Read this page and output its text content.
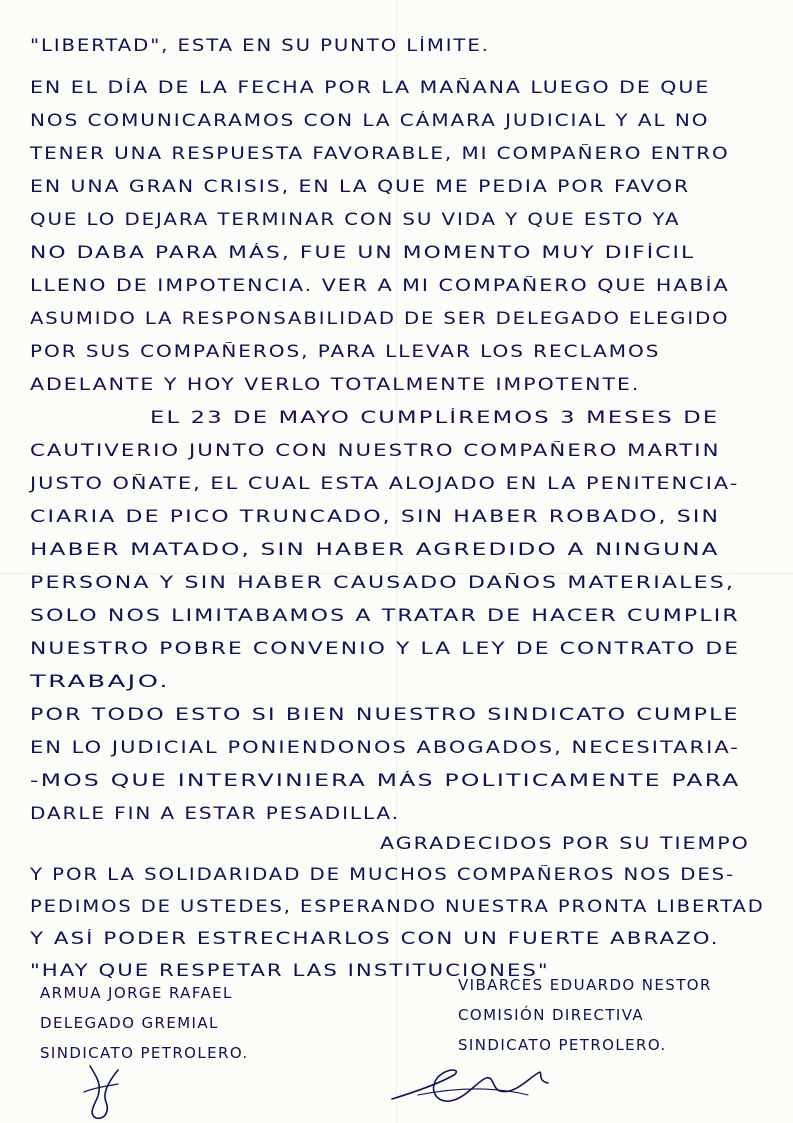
"LIBERTAD", ESTA EN SU PUNTO LÍMITE.
EN EL DÍA DE LA FECHA POR LA MAÑANA LUEGO DE QUE
NOS COMUNICARAMOS CON LA CÁMARA JUDICIAL Y AL NO
TENER UNA RESPUESTA FAVORABLE, MI COMPAÑERO ENTRO
EN UNA GRAN CRISIS, EN LA QUE ME PEDIA POR FAVOR
QUE LO DEJARA TERMINAR CON SU VIDA Y QUE ESTO YA
NO DABA PARA MÁS, FUE UN MOMENTO MUY DIFÍCIL
LLENO DE IMPOTENCIA. VER A MI COMPAÑERO QUE HABÍA
ASUMIDO LA RESPONSABILIDAD DE SER DELEGADO ELEGIDO
POR SUS COMPAÑEROS, PARA LLEVAR LOS RECLAMOS
ADELANTE Y HOY VERLO TOTALMENTE IMPOTENTE.
EL 23 DE MAYO CUMPLÍREMOS 3 MESES DE
CAUTIVERIO JUNTO CON NUESTRO COMPAÑERO MARTIN
JUSTO OÑATE, EL CUAL ESTA ALOJADO EN LA PENITENCIA-
CIARIA DE PICO TRUNCADO, SIN HABER ROBADO, SIN
HABER MATADO, SIN HABER AGREDIDO A NINGUNA
PERSONA Y SIN HABER CAUSADO DAÑOS MATERIALES,
SOLO NOS LIMITABAMOS A TRATAR DE HACER CUMPLIR
NUESTRO POBRE CONVENIO Y LA LEY DE CONTRATO DE
TRABAJO.
POR TODO ESTO SI BIEN NUESTRO SINDICATO CUMPLE
EN LO JUDICIAL PONIENDONOS ABOGADOS, NECESITARIA-
-MOS QUE INTERVINIERA MÁS POLITICAMENTE PARA
DARLE FIN A ESTAR PESADILLA.
AGRADECIDOS POR SU TIEMPO
Y POR LA SOLIDARIDAD DE MUCHOS COMPAÑEROS NOS DES-
PEDIMOS DE USTEDES, ESPERANDO NUESTRA PRONTA LIBERTAD
Y ASÍ PODER ESTRECHARLOS CON UN FUERTE ABRAZO.
"HAY QUE RESPETAR LAS INSTITUCIONES"
ARMUA JORGE RAFAEL
DELEGADO GREMIAL
SINDICATO PETROLERO.
VIBARCES EDUARDO NESTOR
COMISIÓN DIRECTIVA
SINDICATO PETROLERO.
